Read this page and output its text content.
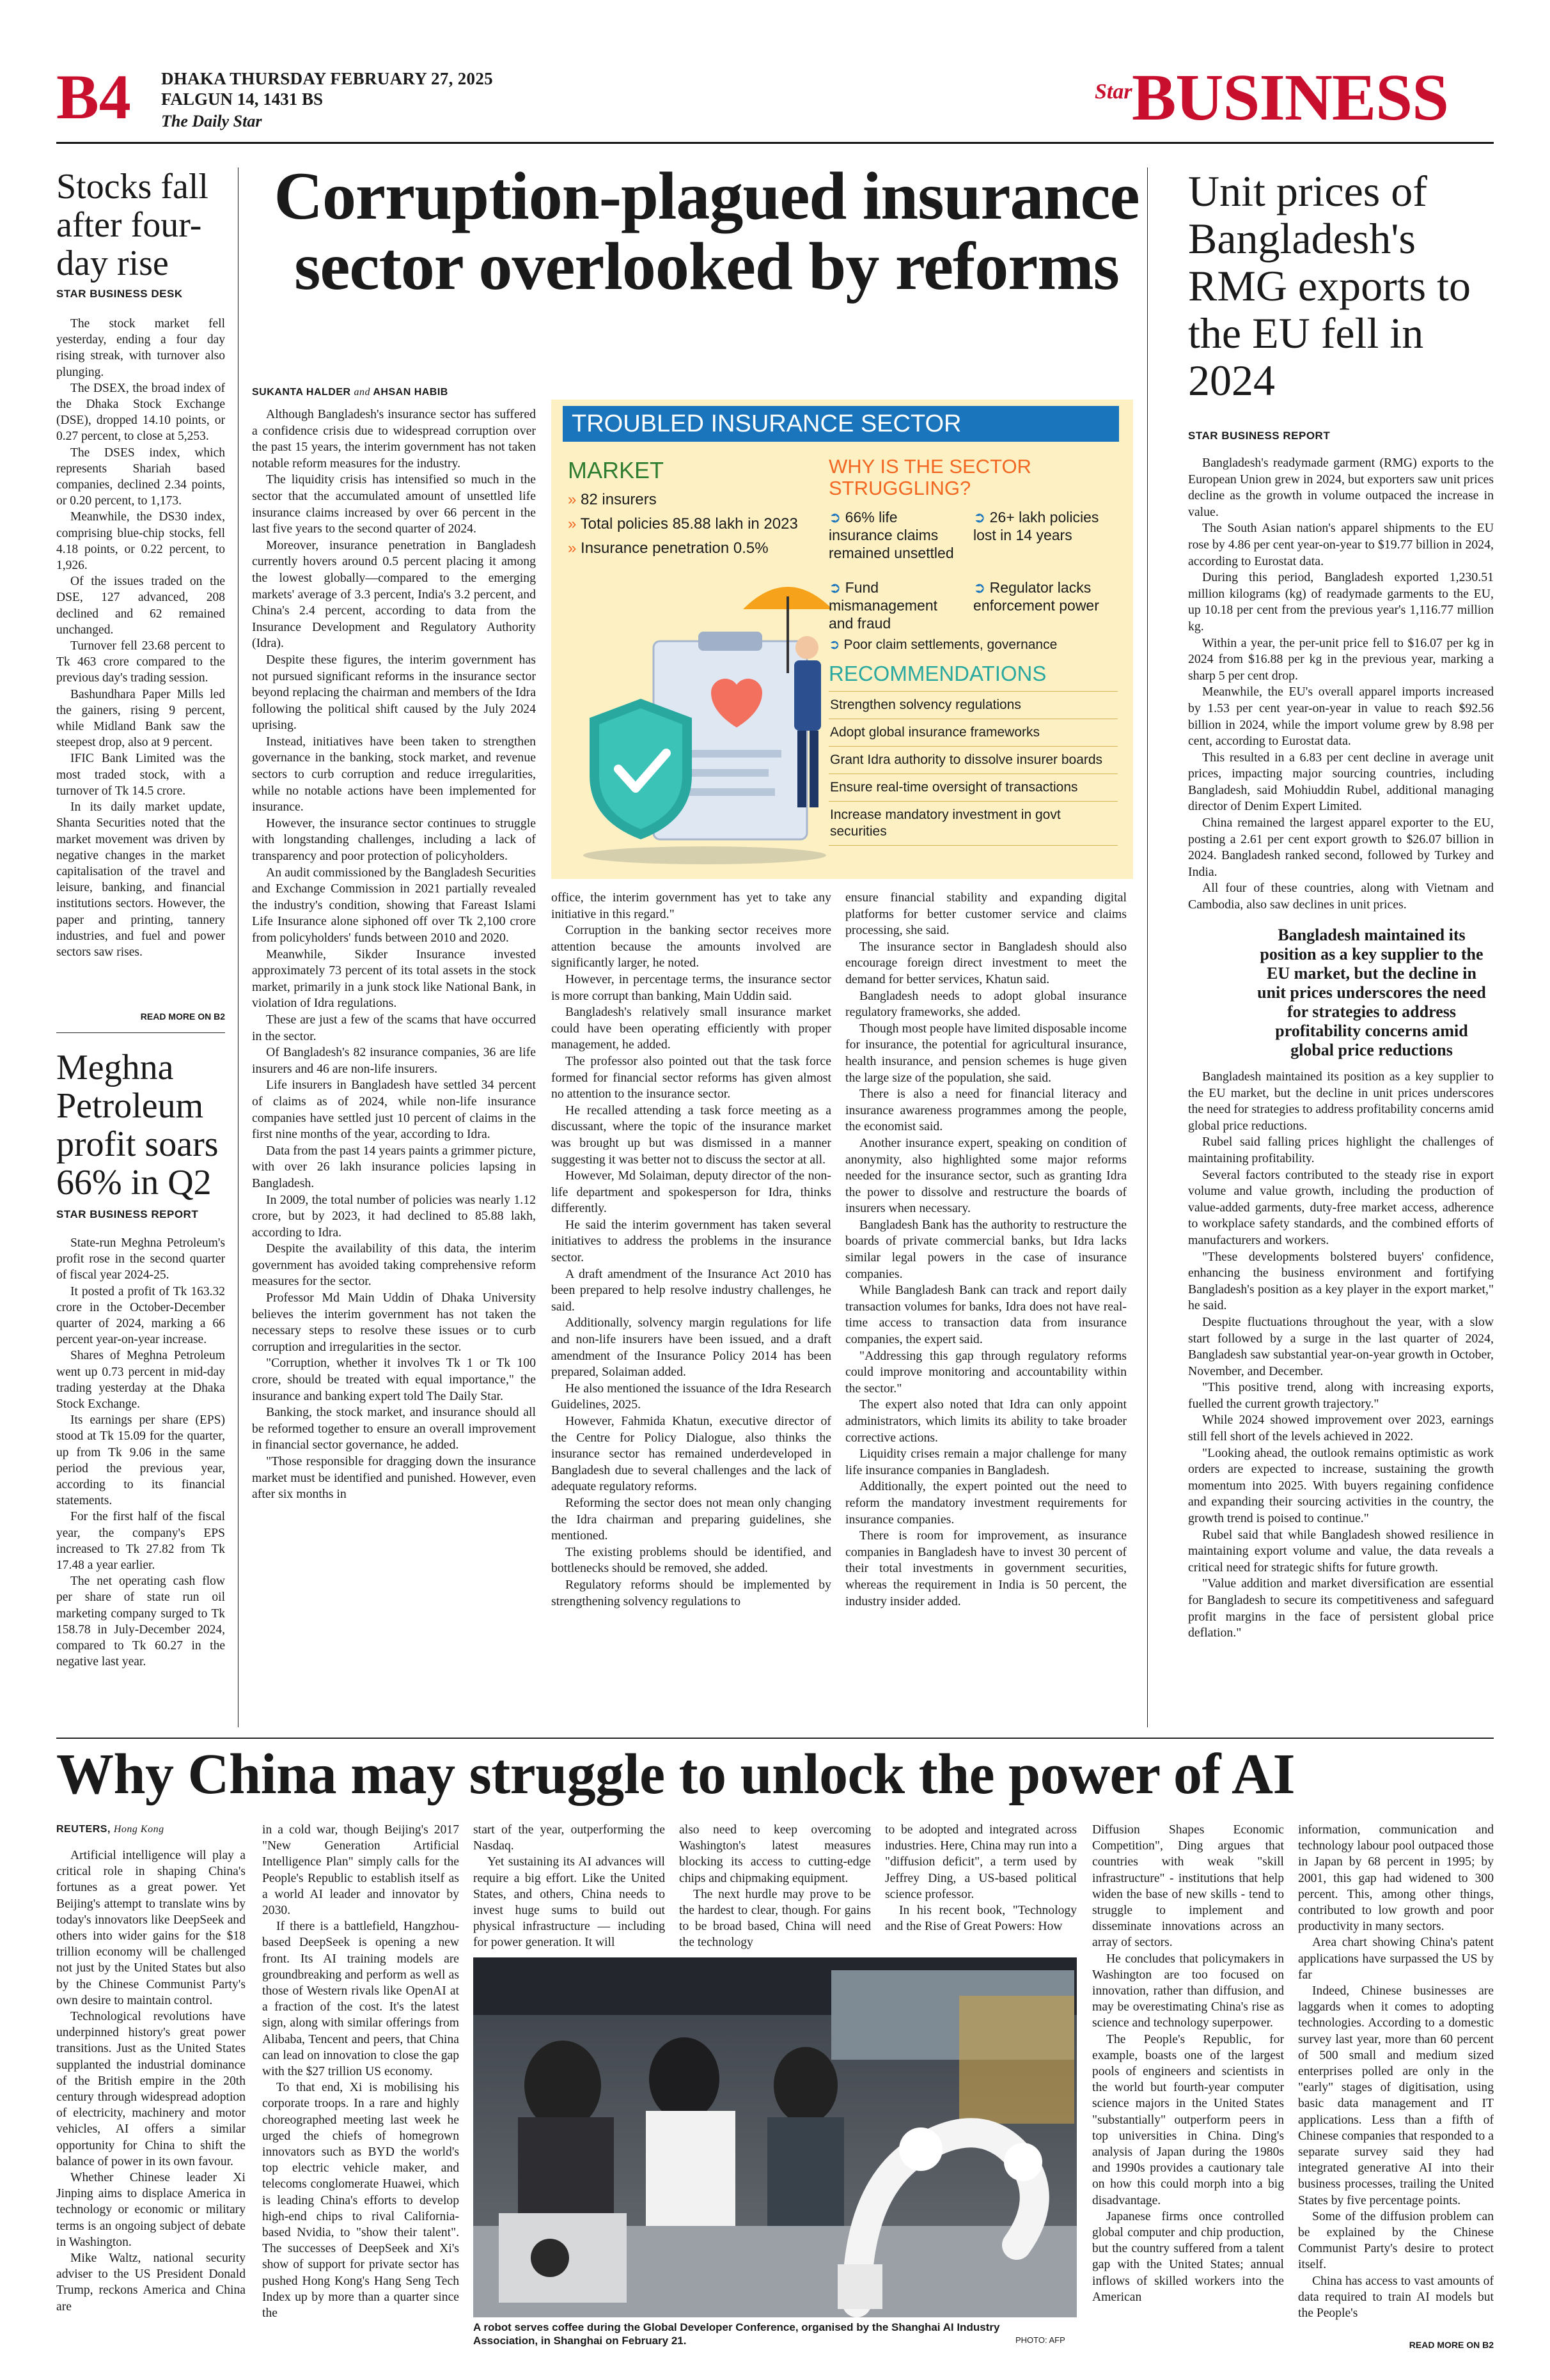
B4 DHAKA THURSDAY FEBRUARY 27, 2025
FALGUN 14, 1431 BS
The Daily Star
Star BUSINESS
Stocks fall after four-day rise
STAR BUSINESS DESK

The stock market fell yesterday, ending a four day rising streak, with turnover also plunging.

The DSEX, the broad index of the Dhaka Stock Exchange (DSE), dropped 14.10 points, or 0.27 percent, to close at 5,253.

The DSES index, which represents Shariah based companies, declined 2.34 points, or 0.20 percent, to 1,173.

Meanwhile, the DS30 index, comprising blue-chip stocks, fell 4.18 points, or 0.22 percent, to 1,926.

Of the issues traded on the DSE, 127 advanced, 208 declined and 62 remained unchanged.

Turnover fell 23.68 percent to Tk 463 crore compared to the previous day's trading session.

Bashundhara Paper Mills led the gainers, rising 9 percent, while Midland Bank saw the steepest drop, also at 9 percent.

IFIC Bank Limited was the most traded stock, with a turnover of Tk 14.5 crore.

In its daily market update, Shanta Securities noted that the market movement was driven by negative changes in the market capitalisation of the travel and leisure, banking, and financial institutions sectors. However, the paper and printing, tannery industries, and fuel and power sectors saw rises.

READ MORE ON B2
Meghna Petroleum profit soars 66% in Q2
STAR BUSINESS REPORT

State-run Meghna Petroleum's profit rose in the second quarter of fiscal year 2024-25.

It posted a profit of Tk 163.32 crore in the October-December quarter of 2024, marking a 66 percent year-on-year increase.

Shares of Meghna Petroleum went up 0.73 percent in mid-day trading yesterday at the Dhaka Stock Exchange.

Its earnings per share (EPS) stood at Tk 15.09 for the quarter, up from Tk 9.06 in the same period the previous year, according to its financial statements.

For the first half of the fiscal year, the company's EPS increased to Tk 27.82 from Tk 17.48 a year earlier.

The net operating cash flow per share of state run oil marketing company surged to Tk 158.78 in July-December 2024, compared to Tk 60.27 in the negative last year.

Corruption-plagued insurance sector overlooked by reforms
SUKANTA HALDER and AHSAN HABIB

Although Bangladesh's insurance sector has suffered a confidence crisis due to widespread corruption over the past 15 years, the interim government has not taken notable reform measures for the industry.

The liquidity crisis has intensified so much in the sector that the accumulated amount of unsettled life insurance claims increased by over 66 percent in the last five years to the second quarter of 2024.

Moreover, insurance penetration in Bangladesh currently hovers around 0.5 percent placing it among the lowest globally—compared to the emerging markets' average of 3.3 percent, India's 3.2 percent, and China's 2.4 percent, according to data from the Insurance Development and Regulatory Authority (Idra).

Despite these figures, the interim government has not pursued significant reforms in the insurance sector beyond replacing the chairman and members of the Idra following the political shift caused by the July 2024 uprising.

Instead, initiatives have been taken to strengthen governance in the banking, stock market, and revenue sectors to curb corruption and reduce irregularities, while no notable actions have been implemented for insurance.

However, the insurance sector continues to struggle with longstanding challenges, including a lack of transparency and poor protection of policyholders.

An audit commissioned by the Bangladesh Securities and Exchange Commission in 2021 partially revealed the industry's condition, showing that Fareast Islami Life Insurance alone siphoned off over Tk 2,100 crore from policyholders' funds between 2010 and 2020.

Meanwhile, Sikder Insurance invested approximately 73 percent of its total assets in the stock market, primarily in a junk stock like National Bank, in violation of Idra regulations.

These are just a few of the scams that have occurred in the sector.

Of Bangladesh's 82 insurance companies, 36 are life insurers and 46 are non-life insurers.

Life insurers in Bangladesh have settled 34 percent of claims as of 2024, while non-life insurance companies have settled just 10 percent of claims in the first nine months of the year, according to Idra.

Data from the past 14 years paints a grimmer picture, with over 26 lakh insurance policies lapsing in Bangladesh.

In 2009, the total number of policies was nearly 1.12 crore, but by 2023, it had declined to 85.88 lakh, according to Idra.

Despite the availability of this data, the interim government has avoided taking comprehensive reform measures for the sector.

Professor Md Main Uddin of Dhaka University believes the interim government has not taken the necessary steps to resolve these issues or to curb corruption and irregularities in the sector.

"Corruption, whether it involves Tk 1 or Tk 100 crore, should be treated with equal importance," the insurance and banking expert told The Daily Star.

Banking, the stock market, and insurance should all be reformed together to ensure an overall improvement in financial sector governance, he added.

"Those responsible for dragging down the insurance market must be identified and punished. However, even after six months in

TROUBLED INSURANCE SECTOR
MARKET
» 82 insurers
» Total policies 85.88 lakh in 2023
» Insurance penetration 0.5%
WHY IS THE SECTOR STRUGGLING?
➲ 66% life insurance claims remained unsettled
➲ 26+ lakh policies lost in 14 years
➲ Fund mismanagement and fraud
➲ Regulator lacks enforcement power
➲ Poor claim settlements, governance
RECOMMENDATIONS
Strengthen solvency regulations
Adopt global insurance frameworks
Grant Idra authority to dissolve insurer boards
Ensure real-time oversight of transactions
Increase mandatory investment in govt securities

office, the interim government has yet to take any initiative in this regard."

Corruption in the banking sector receives more attention because the amounts involved are significantly larger, he noted.

However, in percentage terms, the insurance sector is more corrupt than banking, Main Uddin said.

Bangladesh's relatively small insurance market could have been operating efficiently with proper management, he added.

The professor also pointed out that the task force formed for financial sector reforms has given almost no attention to the insurance sector.

He recalled attending a task force meeting as a discussant, where the topic of the insurance market was brought up but was dismissed in a manner suggesting it was better not to discuss the sector at all.

However, Md Solaiman, deputy director of the non-life department and spokesperson for Idra, thinks differently.

He said the interim government has taken several initiatives to address the problems in the insurance sector.

A draft amendment of the Insurance Act 2010 has been prepared to help resolve industry challenges, he said.

Additionally, solvency margin regulations for life and non-life insurers have been issued, and a draft amendment of the Insurance Policy 2014 has been prepared, Solaiman added.

He also mentioned the issuance of the Idra Research Guidelines, 2025.

However, Fahmida Khatun, executive director of the Centre for Policy Dialogue, also thinks the insurance sector has remained underdeveloped in Bangladesh due to several challenges and the lack of adequate regulatory reforms.

Reforming the sector does not mean only changing the Idra chairman and preparing guidelines, she mentioned.

The existing problems should be identified, and bottlenecks should be removed, she added.

Regulatory reforms should be implemented by strengthening solvency regulations to

ensure financial stability and expanding digital platforms for better customer service and claims processing, she said.

The insurance sector in Bangladesh should also encourage foreign direct investment to meet the demand for better services, Khatun said.

Bangladesh needs to adopt global insurance regulatory frameworks, she added.

Though most people have limited disposable income for insurance, the potential for agricultural insurance, health insurance, and pension schemes is huge given the large size of the population, she said.

There is also a need for financial literacy and insurance awareness programmes among the people, the economist said.

Another insurance expert, speaking on condition of anonymity, also highlighted some major reforms needed for the insurance sector, such as granting Idra the power to dissolve and restructure the boards of insurers when necessary.

Bangladesh Bank has the authority to restructure the boards of private commercial banks, but Idra lacks similar legal powers in the case of insurance companies.

While Bangladesh Bank can track and report daily transaction volumes for banks, Idra does not have real-time access to transaction data from insurance companies, the expert said.

"Addressing this gap through regulatory reforms could improve monitoring and accountability within the sector."

The expert also noted that Idra can only appoint administrators, which limits its ability to take broader corrective actions.

Liquidity crises remain a major challenge for many life insurance companies in Bangladesh.

Additionally, the expert pointed out the need to reform the mandatory investment requirements for insurance companies.

There is room for improvement, as insurance companies in Bangladesh have to invest 30 percent of their total investments in government securities, whereas the requirement in India is 50 percent, the industry insider added.

Unit prices of Bangladesh's RMG exports to the EU fell in 2024
STAR BUSINESS REPORT

Bangladesh's readymade garment (RMG) exports to the European Union grew in 2024, but exporters saw unit prices decline as the growth in volume outpaced the increase in value.

The South Asian nation's apparel shipments to the EU rose by 4.86 per cent year-on-year to $19.77 billion in 2024, according to Eurostat data.

During this period, Bangladesh exported 1,230.51 million kilograms (kg) of readymade garments to the EU, up 10.18 per cent from the previous year's 1,116.77 million kg.

Within a year, the per-unit price fell to $16.07 per kg in 2024 from $16.88 per kg in the previous year, marking a sharp 5 per cent drop.

Meanwhile, the EU's overall apparel imports increased by 1.53 per cent year-on-year in value to reach $92.56 billion in 2024, while the import volume grew by 8.98 per cent, according to Eurostat data.

This resulted in a 6.83 per cent decline in average unit prices, impacting major sourcing countries, including Bangladesh, said Mohiuddin Rubel, additional managing director of Denim Expert Limited.

China remained the largest apparel exporter to the EU, posting a 2.61 per cent export growth to $26.07 billion in 2024. Bangladesh ranked second, followed by Turkey and India.

All four of these countries, along with Vietnam and Cambodia, also saw declines in unit prices.

Bangladesh maintained its position as a key supplier to the EU market, but the decline in unit prices underscores the need for strategies to address profitability concerns amid global price reductions

Bangladesh maintained its position as a key supplier to the EU market, but the decline in unit prices underscores the need for strategies to address profitability concerns amid global price reductions.

Rubel said falling prices highlight the challenges of maintaining profitability.

Several factors contributed to the steady rise in export volume and value growth, including the production of value-added garments, duty-free market access, adherence to workplace safety standards, and the combined efforts of manufacturers and workers.

"These developments bolstered buyers' confidence, enhancing the business environment and fortifying Bangladesh's position as a key player in the export market," he said.

Despite fluctuations throughout the year, with a slow start followed by a surge in the last quarter of 2024, Bangladesh saw substantial year-on-year growth in October, November, and December.

"This positive trend, along with increasing exports, fuelled the current growth trajectory."

While 2024 showed improvement over 2023, earnings still fell short of the levels achieved in 2022.

"Looking ahead, the outlook remains optimistic as work orders are expected to increase, sustaining the growth momentum into 2025. With buyers regaining confidence and expanding their sourcing activities in the country, the growth trend is poised to continue."

Rubel said that while Bangladesh showed resilience in maintaining export volume and value, the data reveals a critical need for strategic shifts for future growth.

"Value addition and market diversification are essential for Bangladesh to secure its competitiveness and safeguard profit margins in the face of persistent global price deflation."

Why China may struggle to unlock the power of AI
REUTERS, Hong Kong

Artificial intelligence will play a critical role in shaping China's fortunes as a great power. Yet Beijing's attempt to translate wins by today's innovators like DeepSeek and others into wider gains for the $18 trillion economy will be challenged not just by the United States but also by the Chinese Communist Party's own desire to maintain control.

Technological revolutions have underpinned history's great power transitions. Just as the United States supplanted the industrial dominance of the British empire in the 20th century through widespread adoption of electricity, machinery and motor vehicles, AI offers a similar opportunity for China to shift the balance of power in its own favour.

Whether Chinese leader Xi Jinping aims to displace America in technology or economic or military terms is an ongoing subject of debate in Washington.

Mike Waltz, national security adviser to the US President Donald Trump, reckons America and China are

in a cold war, though Beijing's 2017 "New Generation Artificial Intelligence Plan" simply calls for the People's Republic to establish itself as a world AI leader and innovator by 2030.

If there is a battlefield, Hangzhou-based DeepSeek is opening a new front. Its AI training models are groundbreaking and perform as well as those of Western rivals like OpenAI at a fraction of the cost. It's the latest sign, along with similar offerings from Alibaba, Tencent and peers, that China can lead on innovation to close the gap with the $27 trillion US economy.

To that end, Xi is mobilising his corporate troops. In a rare and highly choreographed meeting last week he urged the chiefs of homegrown innovators such as BYD the world's top electric vehicle maker, and telecoms conglomerate Huawei, which is leading China's efforts to develop high-end chips to rival California-based Nvidia, to "show their talent". The successes of DeepSeek and Xi's show of support for private sector has pushed Hong Kong's Hang Seng Tech Index up by more than a quarter since the

start of the year, outperforming the Nasdaq.

Yet sustaining its AI advances will require a big effort. Like the United States, and others, China needs to invest huge sums to build out physical infrastructure — including for power generation. It will

also need to keep overcoming Washington's latest measures blocking its access to cutting-edge chips and chipmaking equipment.

The next hurdle may prove to be the hardest to clear, though. For gains to be broad based, China will need the technology

to be adopted and integrated across industries. Here, China may run into a "diffusion deficit", a term used by Jeffrey Ding, a US-based political science professor.

In his recent book, "Technology and the Rise of Great Powers: How

A robot serves coffee during the Global Developer Conference, organised by the Shanghai AI Industry Association, in Shanghai on February 21.	PHOTO: AFP

Diffusion Shapes Economic Competition", Ding argues that countries with weak "skill infrastructure" - institutions that help widen the base of new skills - tend to struggle to implement and disseminate innovations across an array of sectors.

He concludes that policymakers in Washington are too focused on innovation, rather than diffusion, and may be overestimating China's rise as science and technology superpower.

The People's Republic, for example, boasts one of the largest pools of engineers and scientists in the world but fourth-year computer science majors in the United States "substantially" outperform peers in top universities in China. Ding's analysis of Japan during the 1980s and 1990s provides a cautionary tale on how this could morph into a big disadvantage.

Japanese firms once controlled global computer and chip production, but the country suffered from a talent gap with the United States; annual inflows of skilled workers into the American

information, communication and technology labour pool outpaced those in Japan by 68 percent in 1995; by 2001, this gap had widened to 300 percent. This, among other things, contributed to low growth and poor productivity in many sectors.

Area chart showing China's patent applications have surpassed the US by far

Indeed, Chinese businesses are laggards when it comes to adopting technologies. According to a domestic survey last year, more than 60 percent of 500 small and medium sized enterprises polled are only in the "early" stages of digitisation, using basic data management and IT applications. Less than a fifth of Chinese companies that responded to a separate survey said they had integrated generative AI into their business processes, trailing the United States by five percentage points.

Some of the diffusion problem can be explained by the Chinese Communist Party's desire to protect itself.

China has access to vast amounts of data required to train AI models but the People's

READ MORE ON B2
